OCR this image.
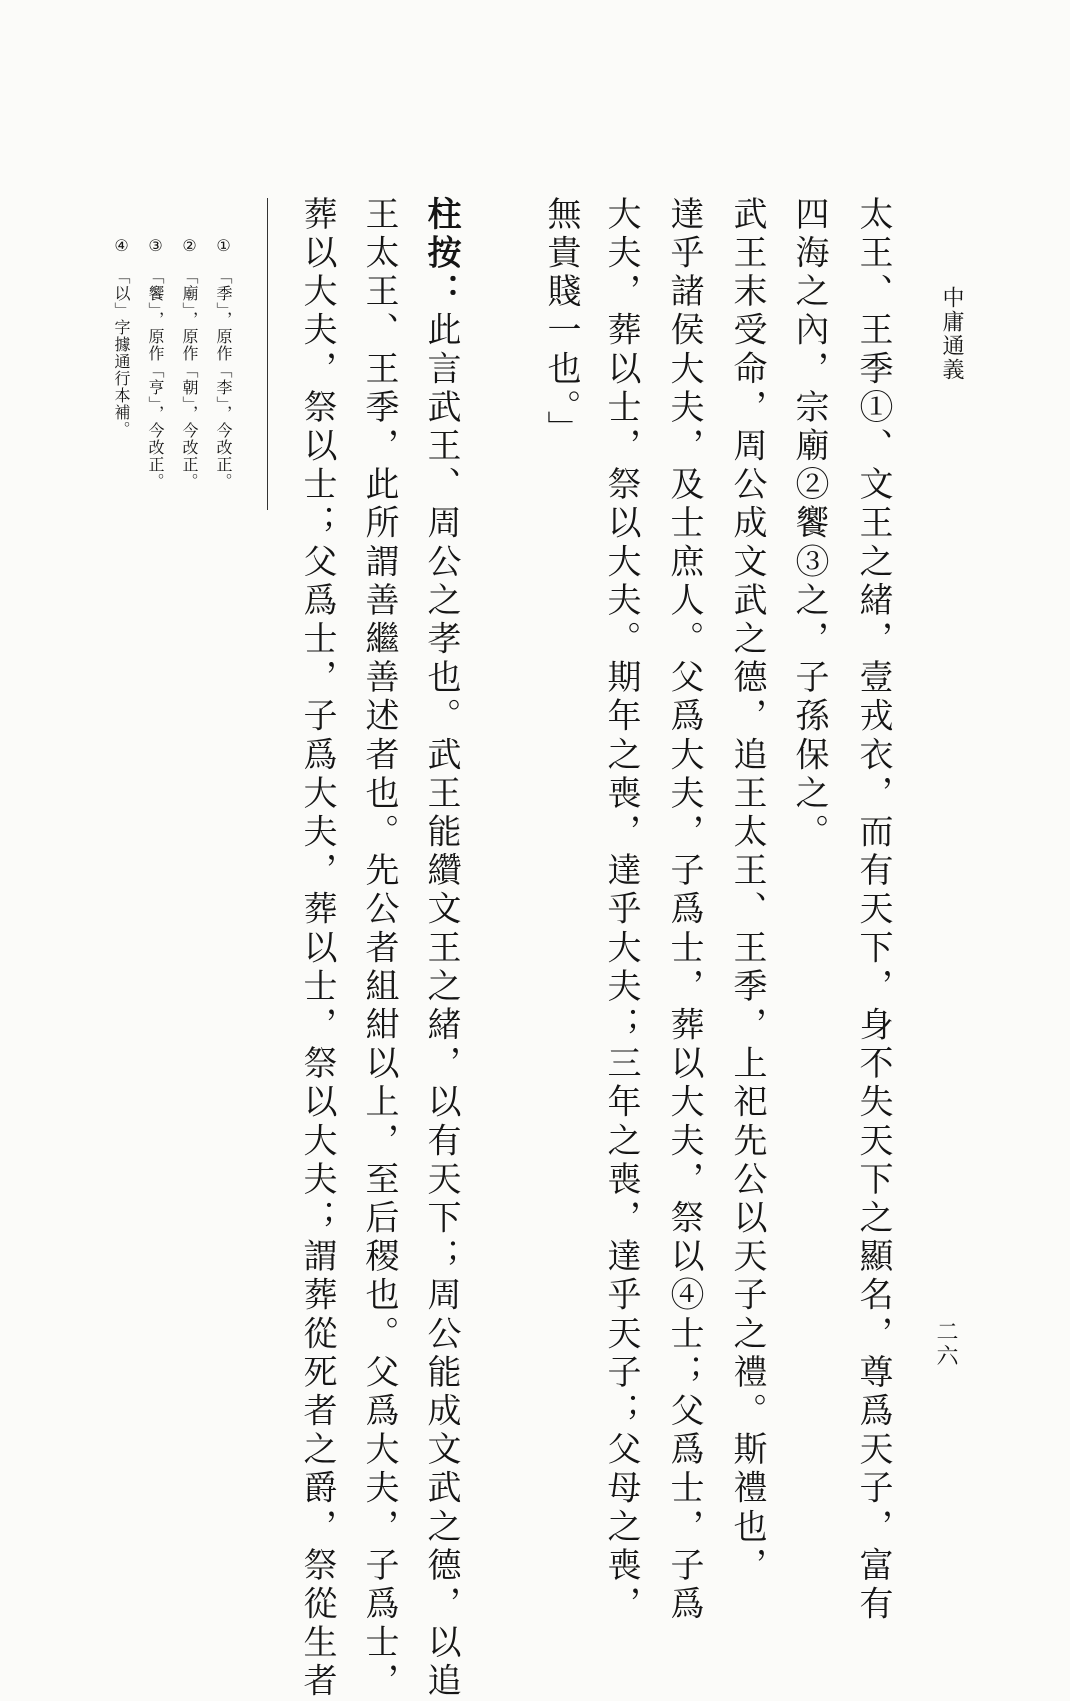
中庸通義
二六

太王、王季①、文王之緒，壹戎衣，而有天下，身不失天下之顯名，尊爲天子，富有

四海之內，宗廟②饗③之，子孫保之。

武王末受命，周公成文武之德，追王太王、王季，上祀先公以天子之禮。斯禮也，

達乎諸侯大夫，及士庶人。父爲大夫，子爲士，葬以大夫，祭以④士；父爲士，子爲

大夫，葬以士，祭以大夫。期年之喪，達乎大夫；三年之喪，達乎天子；父母之喪，

無貴賤一也。」

柱按：此言武王、周公之孝也。武王能纘文王之緒，以有天下；周公能成文武之德，以追

王太王、王季，此所謂善繼善述者也。先公者組紺以上，至后稷也。父爲大夫，子爲士，

葬以大夫，祭以士；父爲士，子爲大夫，葬以士，祭以大夫；謂葬從死者之爵，祭從生者

①「季」，原作「李」，今改正。

②「廟」，原作「朝」，今改正。

③「饗」，原作「亨」，今改正。

④「以」字據通行本補。
